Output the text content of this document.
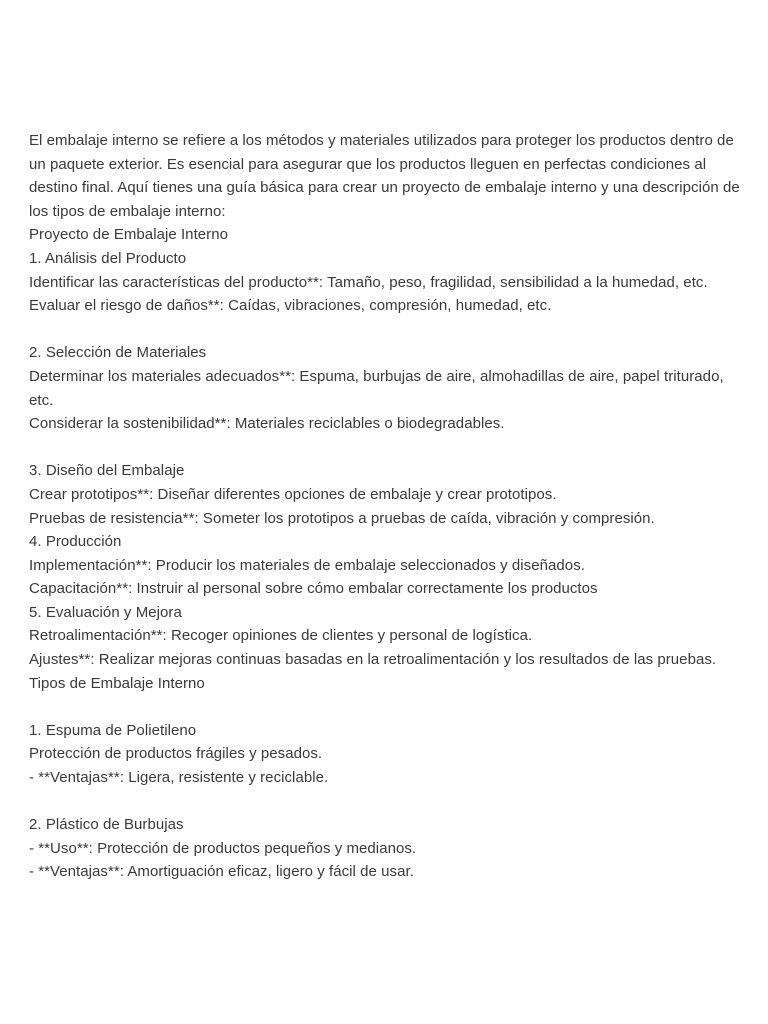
El embalaje interno se refiere a los métodos y materiales utilizados para proteger los productos dentro de un paquete exterior. Es esencial para asegurar que los productos lleguen en perfectas condiciones al destino final. Aquí tienes una guía básica para crear un proyecto de embalaje interno y una descripción de los tipos de embalaje interno:
Proyecto de Embalaje Interno
1. Análisis del Producto
Identificar las características del producto**: Tamaño, peso, fragilidad, sensibilidad a la humedad, etc.
Evaluar el riesgo de daños**: Caídas, vibraciones, compresión, humedad, etc.
2. Selección de Materiales
Determinar los materiales adecuados**: Espuma, burbujas de aire, almohadillas de aire, papel triturado, etc.
Considerar la sostenibilidad**: Materiales reciclables o biodegradables.
3. Diseño del Embalaje
Crear prototipos**: Diseñar diferentes opciones de embalaje y crear prototipos.
Pruebas de resistencia**: Someter los prototipos a pruebas de caída, vibración y compresión.
4. Producción
Implementación**: Producir los materiales de embalaje seleccionados y diseñados.
Capacitación**: Instruir al personal sobre cómo embalar correctamente los productos
5. Evaluación y Mejora
Retroalimentación**: Recoger opiniones de clientes y personal de logística.
Ajustes**: Realizar mejoras continuas basadas en la retroalimentación y los resultados de las pruebas.
Tipos de Embalaje Interno
1. Espuma de Polietileno
Protección de productos frágiles y pesados.
- **Ventajas**: Ligera, resistente y reciclable.
2. Plástico de Burbujas
- **Uso**: Protección de productos pequeños y medianos.
- **Ventajas**: Amortiguación eficaz, ligero y fácil de usar.
